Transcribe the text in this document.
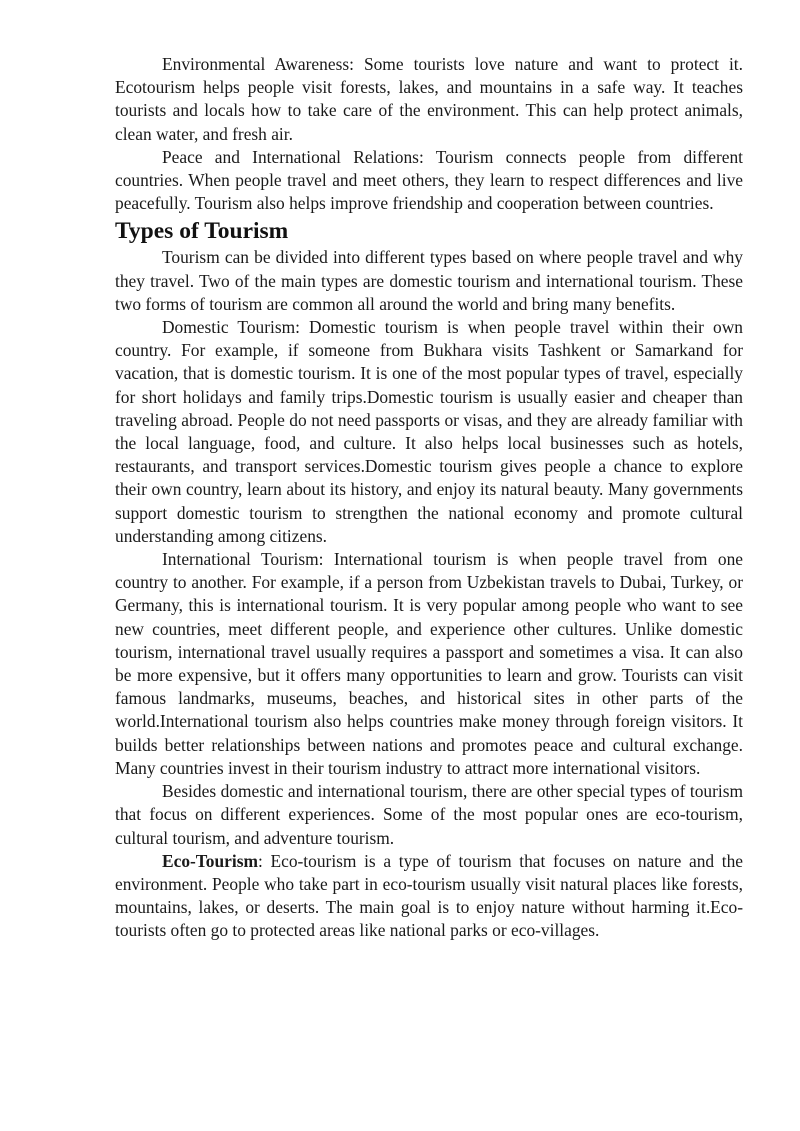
Environmental Awareness: Some tourists love nature and want to protect it. Ecotourism helps people visit forests, lakes, and mountains in a safe way. It teaches tourists and locals how to take care of the environment. This can help protect animals, clean water, and fresh air.

Peace and International Relations: Tourism connects people from different countries. When people travel and meet others, they learn to respect differences and live peacefully. Tourism also helps improve friendship and cooperation between countries.

Types of Tourism

Tourism can be divided into different types based on where people travel and why they travel. Two of the main types are domestic tourism and international tourism. These two forms of tourism are common all around the world and bring many benefits.

Domestic Tourism: Domestic tourism is when people travel within their own country. For example, if someone from Bukhara visits Tashkent or Samarkand for vacation, that is domestic tourism. It is one of the most popular types of travel, especially for short holidays and family trips.Domestic tourism is usually easier and cheaper than traveling abroad. People do not need passports or visas, and they are already familiar with the local language, food, and culture. It also helps local businesses such as hotels, restaurants, and transport services.Domestic tourism gives people a chance to explore their own country, learn about its history, and enjoy its natural beauty. Many governments support domestic tourism to strengthen the national economy and promote cultural understanding among citizens.

International Tourism: International tourism is when people travel from one country to another. For example, if a person from Uzbekistan travels to Dubai, Turkey, or Germany, this is international tourism. It is very popular among people who want to see new countries, meet different people, and experience other cultures. Unlike domestic tourism, international travel usually requires a passport and sometimes a visa. It can also be more expensive, but it offers many opportunities to learn and grow. Tourists can visit famous landmarks, museums, beaches, and historical sites in other parts of the world.International tourism also helps countries make money through foreign visitors. It builds better relationships between nations and promotes peace and cultural exchange. Many countries invest in their tourism industry to attract more international visitors.

Besides domestic and international tourism, there are other special types of tourism that focus on different experiences. Some of the most popular ones are eco-tourism, cultural tourism, and adventure tourism.

Eco-Tourism: Eco-tourism is a type of tourism that focuses on nature and the environment. People who take part in eco-tourism usually visit natural places like forests, mountains, lakes, or deserts. The main goal is to enjoy nature without harming it.Eco-tourists often go to protected areas like national parks or eco-villages.
